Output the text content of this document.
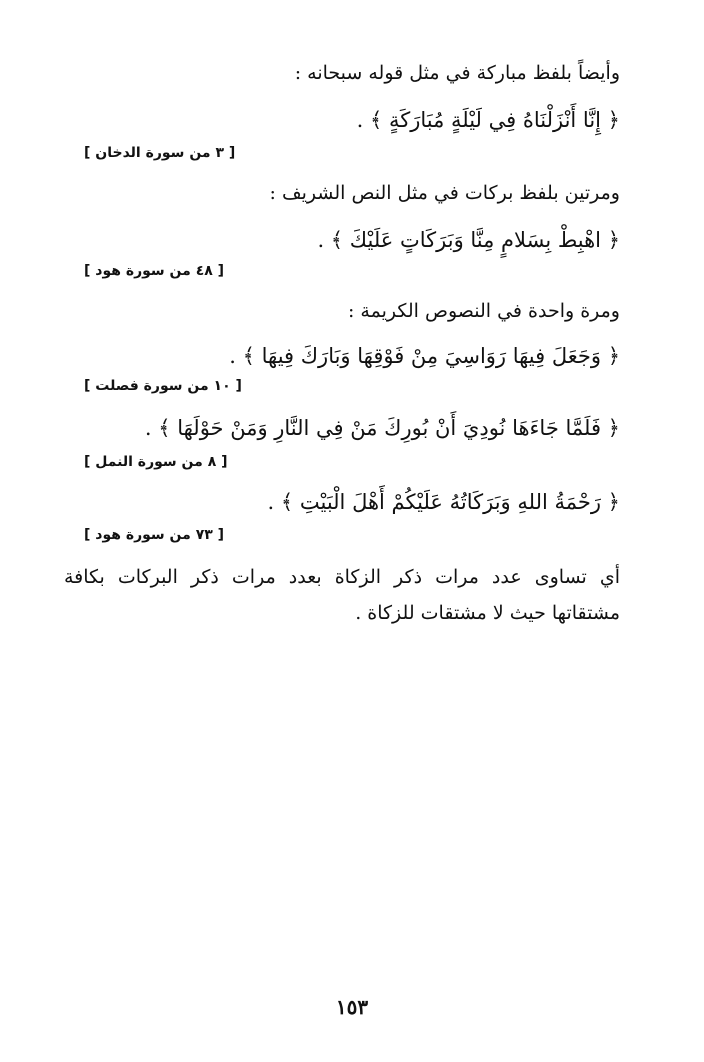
وأيضاً بلفظ مباركة في مثل قوله سبحانه :
﴿ إِنَّا أَنْزَلْنَاهُ فِي لَيْلَةٍ مُبَارَكَةٍ ﴾ .
[ ٣ من سورة الدخان ]
ومرتين بلفظ بركات في مثل النص الشريف :
﴿ اهْبِطْ بِسَلامٍ مِنَّا وَبَرَكَاتٍ عَلَيْكَ ﴾ .
[ ٤٨ من سورة هود ]
ومرة واحدة في النصوص الكريمة :
﴿ وَجَعَلَ فِيهَا رَوَاسِيَ مِنْ فَوْقِهَا وَبَارَكَ فِيهَا ﴾ .
[ ١٠ من سورة فصلت ]
﴿ فَلَمَّا جَاءَهَا نُودِيَ أَنْ بُورِكَ مَنْ فِي النَّارِ وَمَنْ حَوْلَهَا ﴾ .
[ ٨ من سورة النمل ]
﴿ رَحْمَةُ اللهِ وَبَرَكَاتُهُ عَلَيْكُمْ أَهْلَ الْبَيْتِ ﴾ .
[ ٧٣ من سورة هود ]
أي تساوى عدد مرات ذكر الزكاة بعدد مرات ذكر البركات بكافة
مشتقاتها حيث لا مشتقات للزكاة .
١٥٣
